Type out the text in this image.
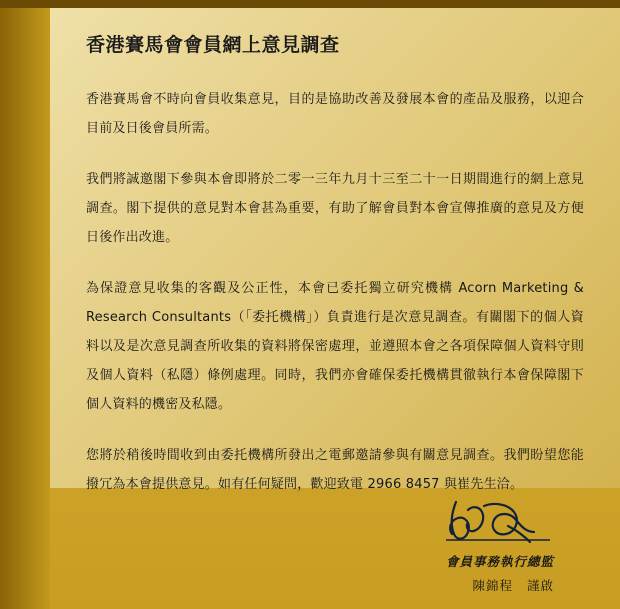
香港賽馬會會員網上意見調查

香港賽馬會不時向會員收集意見，目的是協助改善及發展本會的產品及服務，以迎合目前及日後會員所需。

我們將誠邀閣下參與本會即將於二零一三年九月十三至二十一日期間進行的網上意見調查。閣下提供的意見對本會甚為重要，有助了解會員對本會宣傳推廣的意見及方便日後作出改進。

為保證意見收集的客觀及公正性，本會已委托獨立研究機構 Acorn Marketing & Research Consultants（「委托機構」）負責進行是次意見調查。有關閣下的個人資料以及是次意見調查所收集的資料將保密處理，並遵照本會之各項保障個人資料守則及個人資料（私隱）條例處理。同時，我們亦會確保委托機構貫徹執行本會保障閣下個人資料的機密及私隱。

您將於稍後時間收到由委托機構所發出之電郵邀請參與有關意見調查。我們盼望您能撥冗為本會提供意見。如有任何疑問，歡迎致電 2966 8457 與崔先生洽。

會員事務執行總監
陳錦程 謹啟
